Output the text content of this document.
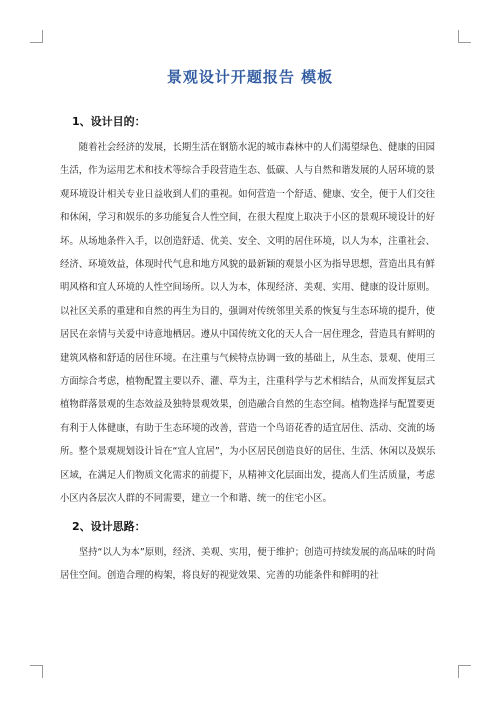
景观设计开题报告 模板
1、设计目的：

随着社会经济的发展，长期生活在钢筋水泥的城市森林中的人们渴望绿色、健康的田园生活，作为运用艺术和技术等综合手段营造生态、低碳、人与自然和谐发展的人居环境的景观环境设计相关专业日益收到人们的重视。如何营造一个舒适、健康、安全，便于人们交往和休闲，学习和娱乐的多功能复合人性空间，在很大程度上取决于小区的景观环境设计的好坏。从场地条件入手，以创造舒适、优美、安全、文明的居住环境，以人为本，注重社会、经济、环境效益，体现时代气息和地方风貌的最新颖的观景小区为指导思想，营造出具有鲜明风格和宜人环境的人性空间场所。以人为本，体现经济、美观、实用、健康的设计原则。以社区关系的重建和自然的再生为目的，强调对传统邻里关系的恢复与生态环境的提升，使居民在亲情与关爱中诗意地栖居。遵从中国传统文化的天人合一居住理念，营造具有鲜明的建筑风格和舒适的居住环境。在注重与气候特点协调一致的基础上，从生态、景观、使用三方面综合考虑，植物配置主要以乔、灌、草为主，注重科学与艺术相结合，从而发挥复层式植物群落景观的生态效益及独特景观效果，创造融合自然的生态空间。植物选择与配置要更有利于人体健康，有助于生态环境的改善，营造一个鸟语花香的适宜居住、活动、交流的场所。整个景观规划设计旨在“宜人宜居”，为小区居民创造良好的居住、生活、休闲以及娱乐区域，在满足人们物质文化需求的前提下，从精神文化层面出发，提高人们生活质量，考虑小区内各层次人群的不同需要，建立一个和谐、统一的住宅小区。

2、设计思路：

坚持“以人为本”原则，经济、美观、实用，便于维护；创造可持续发展的高品味的时尚居住空间。创造合理的构架，将良好的视觉效果、完善的功能条件和鲜明的社
